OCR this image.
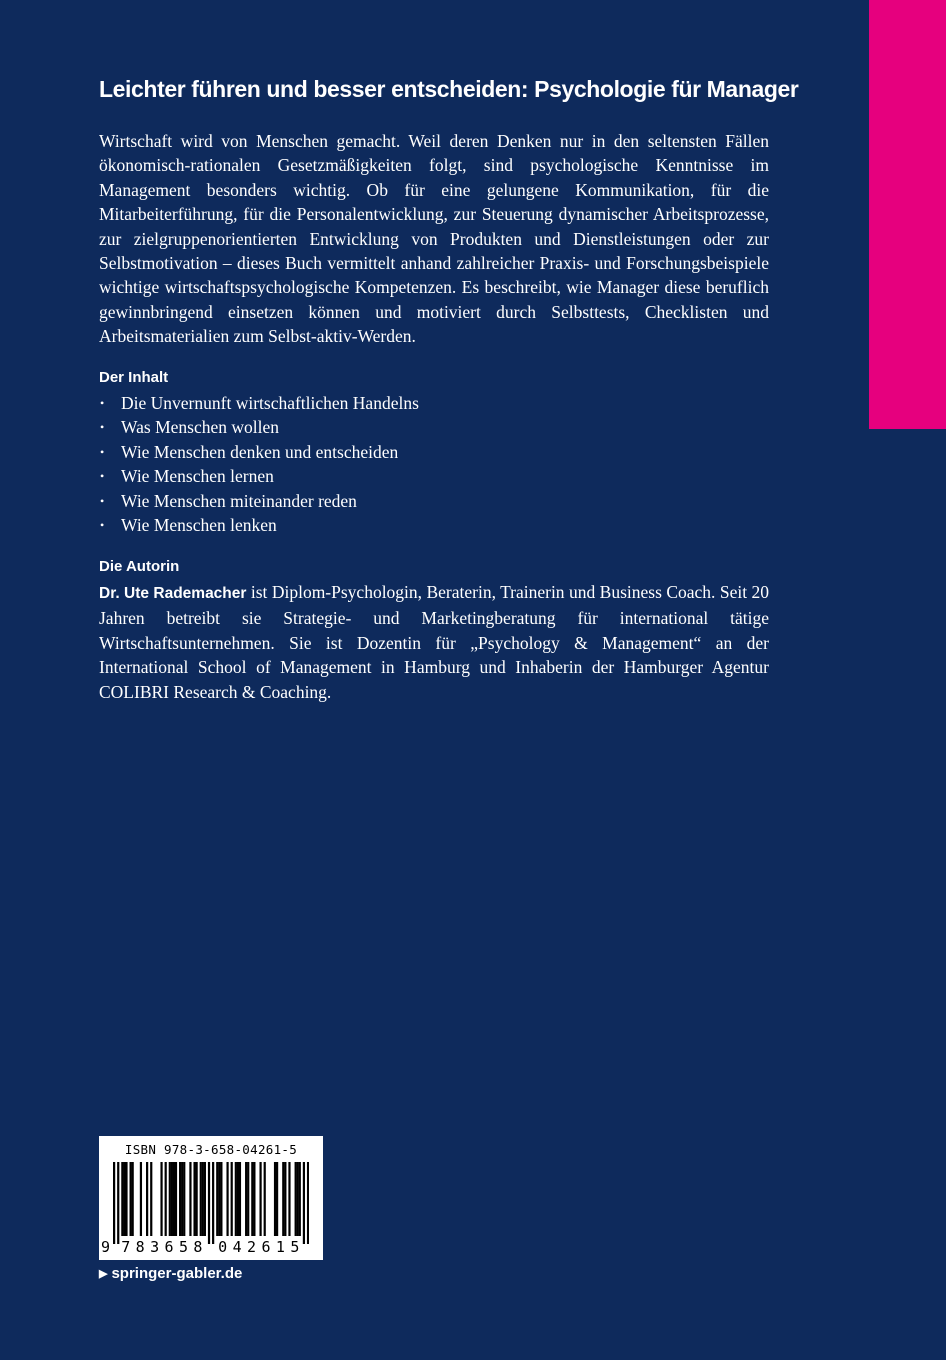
Leichter führen und besser entscheiden: Psychologie für Manager

Wirtschaft wird von Menschen gemacht. Weil deren Denken nur in den seltensten Fällen ökonomisch-rationalen Gesetzmäßigkeiten folgt, sind psychologische Kenntnisse im Management besonders wichtig. Ob für eine gelungene Kommunikation, für die Mitarbeiterführung, für die Personalentwicklung, zur Steuerung dynamischer Arbeitsprozesse, zur zielgruppenorientierten Entwicklung von Produkten und Dienstleistungen oder zur Selbstmotivation – dieses Buch vermittelt anhand zahlreicher Praxis- und Forschungsbeispiele wichtige wirtschaftspsychologische Kompetenzen. Es beschreibt, wie Manager diese beruflich gewinnbringend einsetzen können und motiviert durch Selbsttests, Checklisten und Arbeitsmaterialien zum Selbst-aktiv-Werden.

Der Inhalt
• Die Unvernunft wirtschaftlichen Handelns
• Was Menschen wollen
• Wie Menschen denken und entscheiden
• Wie Menschen lernen
• Wie Menschen miteinander reden
• Wie Menschen lenken
Die Autorin

Dr. Ute Rademacher ist Diplom-Psychologin, Beraterin, Trainerin und Business Coach. Seit 20 Jahren betreibt sie Strategie- und Marketingberatung für international tätige Wirtschaftsunternehmen. Sie ist Dozentin für „Psychology & Management“ an der International School of Management in Hamburg und Inhaberin der Hamburger Agentur COLIBRI Research & Coaching.

ISBN 978-3-658-04261-5
9 7 8 3 6 5 8 0 4 2 6 1 5
▶ springer-gabler.de
